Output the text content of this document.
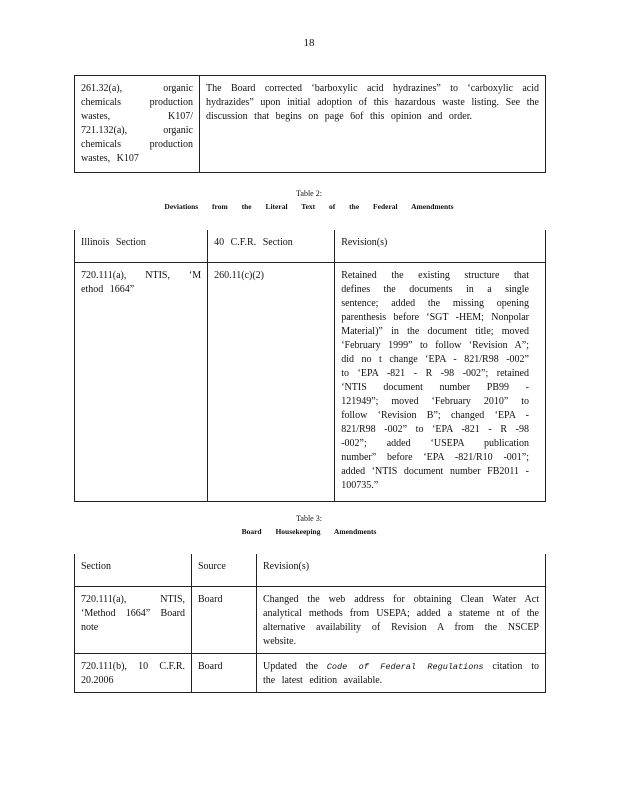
18
261.32(a), organic chemicals production wastes, K107/ 721.132(a), organic chemicals production wastes, K107	The Board corrected ‘barboxylic acid hydrazines” to ‘carboxylic acid hydrazides” upon initial adoption of this hazardous waste listing. See the discussion that begins on page 6of this opinion and order.
Table 2:
Deviations from the Literal Text of the Federal Amendments
Illinois Section	40 C.F.R. Section	Revision(s)
720.111(a), NTIS, ‘M ethod 1664”	260.11(c)(2)	Retained the existing structure that defines the documents in a single sentence; added the missing opening parenthesis before ‘SGT -HEM; Nonpolar Material)” in the document title; moved ‘February 1999” to follow ‘Revision A”; did no t change ‘EPA - 821/R98 -002” to ‘EPA -821 - R -98 -002”; retained ‘NTIS document number PB99 - 121949”; moved ‘February 2010” to follow ‘Revision B”; changed ‘EPA - 821/R98 -002” to ‘EPA -821 - R -98 -002”; added ‘USEPA publication number” before ‘EPA -821/R10 -001”; added ‘NTIS document number FB2011 - 100735.”
Table 3:
Board Housekeeping Amendments
Section	Source	Revision(s)
720.111(a), NTIS, ‘Method 1664” Board note	Board	Changed the web address for obtaining Clean Water Act analytical methods from USEPA; added a stateme nt of the alternative availability of Revision A from the NSCEP website.
720.111(b), 10 C.F.R. 20.2006	Board	Updated the Code of Federal Regulations citation to the latest edition available.
